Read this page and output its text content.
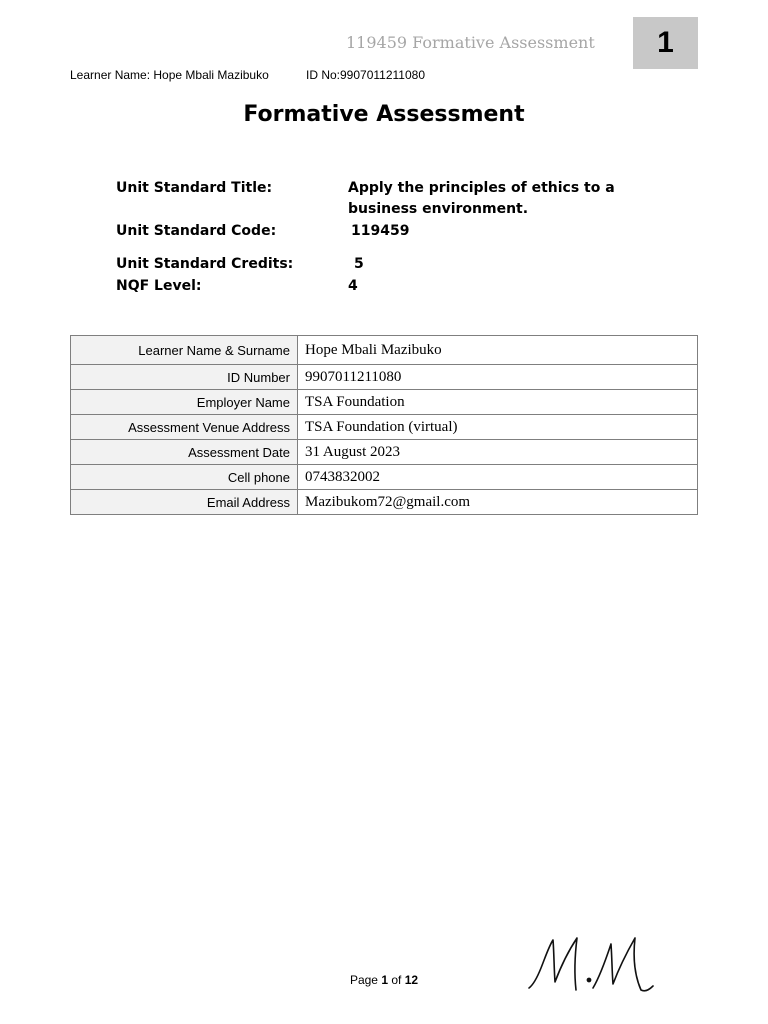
119459 Formative Assessment	1
Learner Name: Hope Mbali Mazibuko	ID No:9907011211080
Formative Assessment
Unit Standard Title:	Apply the principles of ethics to a business environment.
Unit Standard Code:	119459
Unit Standard Credits:	5
NQF Level:	4
Learner Name & Surname	Hope Mbali Mazibuko
ID Number	9907011211080
Employer Name	TSA Foundation
Assessment Venue Address	TSA Foundation (virtual)
Assessment Date	31 August 2023
Cell phone	0743832002
Email Address	Mazibukom72@gmail.com
Page 1 of 12
